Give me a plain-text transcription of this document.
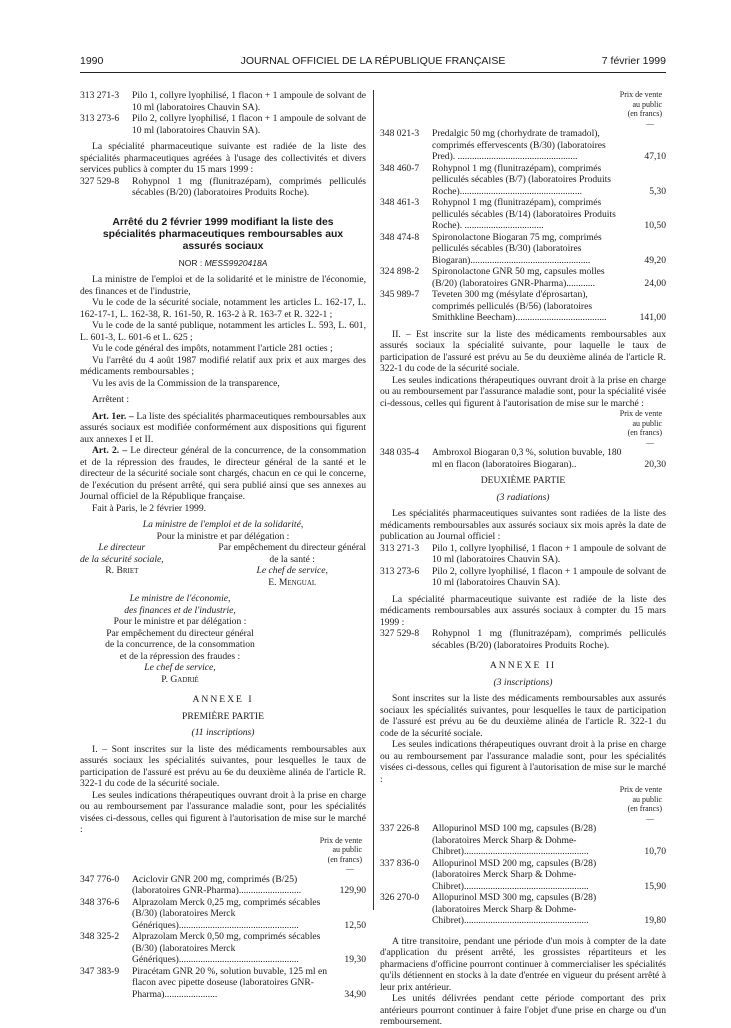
1990	JOURNAL OFFICIEL DE LA RÉPUBLIQUE FRANÇAISE	7 février 1999
313 271-3 Pilo 1, collyre lyophilisé, 1 flacon + 1 ampoule de solvant de 10 ml (laboratoires Chauvin SA).
313 273-6 Pilo 2, collyre lyophilisé, 1 flacon + 1 ampoule de solvant de 10 ml (laboratoires Chauvin SA).

La spécialité pharmaceutique suivante est radiée de la liste des spécialités pharmaceutiques agréées à l'usage des collectivités et divers services publics à compter du 15 mars 1999 :

327 529-8 Rohypnol 1 mg (flunitrazépam), comprimés pelliculés sécables (B/20) (laboratoires Produits Roche).

Arrêté du 2 février 1999 modifiant la liste des spécialités pharmaceutiques remboursables aux assurés sociaux

NOR : MESS9920418A

La ministre de l'emploi et de la solidarité et le ministre de l'économie, des finances et de l'industrie,

Vu le code de la sécurité sociale, notamment les articles L. 162-17, L. 162-17-1, L. 162-38, R. 161-50, R. 163-2 à R. 163-7 et R. 322-1 ;

Vu le code de la santé publique, notamment les articles L. 593, L. 601, L. 601-3, L. 601-6 et L. 625 ;

Vu le code général des impôts, notamment l'article 281 octies ;

Vu l'arrêté du 4 août 1987 modifié relatif aux prix et aux marges des médicaments remboursables ;

Vu les avis de la Commission de la transparence,

Arrêtent :

Art. 1er. – La liste des spécialités pharmaceutiques remboursables aux assurés sociaux est modifiée conformément aux dispositions qui figurent aux annexes I et II.

Art. 2. – Le directeur général de la concurrence, de la consommation et de la répression des fraudes, le directeur général de la santé et le directeur de la sécurité sociale sont chargés, chacun en ce qui le concerne, de l'exécution du présent arrêté, qui sera publié ainsi que ses annexes au Journal officiel de la République française.

Fait à Paris, le 2 février 1999.

La ministre de l'emploi et de la solidarité,

Pour la ministre et par délégation :

Le directeur
de la sécurité sociale,
R. Briet
Par empêchement du directeur général
de la santé :
Le chef de service,
E. Mengual
Le ministre de l'économie,
des finances et de l'industrie,
Pour le ministre et par délégation :
Par empêchement du directeur général
de la concurrence, de la consommation
et de la répression des fraudes :
Le chef de service,
P. Gadrié

ANNEXE I

PREMIÈRE PARTIE

(11 inscriptions)

I. – Sont inscrites sur la liste des médicaments remboursables aux assurés sociaux les spécialités suivantes, pour lesquelles le taux de participation de l'assuré est prévu au 6e du deuxième alinéa de l'article R. 322-1 du code de la sécurité sociale.

Les seules indications thérapeutiques ouvrant droit à la prise en charge ou au remboursement par l'assurance maladie sont, pour les spécialités visées ci-dessous, celles qui figurent à l'autorisation de mise sur le marché :

Prix de vente
au public
(en francs)
—
347 776-0 Aciclovir GNR 200 mg, comprimés (B/25) (laboratoires GNR-Pharma)..........................	129,90
348 376-6 Alprazolam Merck 0,25 mg, comprimés sécables (B/30) (laboratoires Merck Génériques)..................................................	12,50
348 325-2 Alprazolam Merck 0,50 mg, comprimés sécables (B/30) (laboratoires Merck Génériques)..................................................	19,30
347 383-9 Piracétam GNR 20 %, solution buvable, 125 ml en flacon avec pipette doseuse (laboratoires GNR-Pharma)......................	34,90
Prix de vente
au public
(en francs)
—
348 021-3 Predalgic 50 mg (chorhydrate de tramadol), comprimés effervescents (B/30) (laboratoires Pred). ..................................................	47,10
348 460-7 Rohypnol 1 mg (flunitrazépam), comprimés pelliculés sécables (B/7) (laboratoires Produits Roche)...................................................	5,30
348 461-3 Rohypnol 1 mg (flunitrazépam), comprimés pelliculés sécables (B/14) (laboratoires Produits Roche). .................................	10,50
348 474-8 Spironolactone Biogaran 75 mg, comprimés pelliculés sécables (B/30) (laboratoires Biogaran)..................................................	49,20
324 898-2 Spironolactone GNR 50 mg, capsules molles (B/20) (laboratoires GNR-Pharma)............	24,00
345 989-7 Teveten 300 mg (mésylate d'éprosartan), comprimés pelliculés (B/56) (laboratoires Smithkline Beecham)......................................	141,00

II. – Est inscrite sur la liste des médicaments remboursables aux assurés sociaux la spécialité suivante, pour laquelle le taux de participation de l'assuré est prévu au 5e du deuxième alinéa de l'article R. 322-1 du code de la sécurité sociale.

Les seules indications thérapeutiques ouvrant droit à la prise en charge ou au remboursement par l'assurance maladie sont, pour la spécialité visée ci-dessous, celles qui figurent à l'autorisation de mise sur le marché :

Prix de vente
au public
(en francs)
—
348 035-4 Ambroxol Biogaran 0,3 %, solution buvable, 180 ml en flacon (laboratoires Biogaran)..	20,30

DEUXIÈME PARTIE

(3 radiations)

Les spécialités pharmaceutiques suivantes sont radiées de la liste des médicaments remboursables aux assurés sociaux six mois après la date de publication au Journal officiel :

313 271-3 Pilo 1, collyre lyophilisé, 1 flacon + 1 ampoule de solvant de 10 ml (laboratoires Chauvin SA).
313 273-6 Pilo 2, collyre lyophilisé, 1 flacon + 1 ampoule de solvant de 10 ml (laboratoires Chauvin SA).

La spécialité pharmaceutique suivante est radiée de la liste des médicaments remboursables aux assurés sociaux à compter du 15 mars 1999 :

327 529-8 Rohypnol 1 mg (flunitrazépam), comprimés pelliculés sécables (B/20) (laboratoires Produits Roche).

ANNEXE II

(3 inscriptions)

Sont inscrites sur la liste des médicaments remboursables aux assurés sociaux les spécialités suivantes, pour lesquelles le taux de participation de l'assuré est prévu au 6e du deuxième alinéa de l'article R. 322-1 du code de la sécurité sociale.

Les seules indications thérapeutiques ouvrant droit à la prise en charge ou au remboursement par l'assurance maladie sont, pour les spécialités visées ci-dessous, celles qui figurent à l'autorisation de mise sur le marché :

Prix de vente
au public
(en francs)
—
337 226-8 Allopurinol MSD 100 mg, capsules (B/28) (laboratoires Merck Sharp & Dohme-Chibret)....................................................	10,70
337 836-0 Allopurinol MSD 200 mg, capsules (B/28) (laboratoires Merck Sharp & Dohme-Chibret)....................................................	15,90
326 270-0 Allopurinol MSD 300 mg, capsules (B/28) (laboratoires Merck Sharp & Dohme-Chibret)....................................................	19,80

A titre transitoire, pendant une période d'un mois à compter de la date d'application du présent arrêté, les grossistes répartiteurs et les pharmaciens d'officine pourront continuer à commercialiser les spécialités qu'ils détiennent en stocks à la date d'entrée en vigueur du présent arrêté à leur prix antérieur.

Les unités délivrées pendant cette période comportant des prix antérieurs pourront continuer à faire l'objet d'une prise en charge ou d'un remboursement.
